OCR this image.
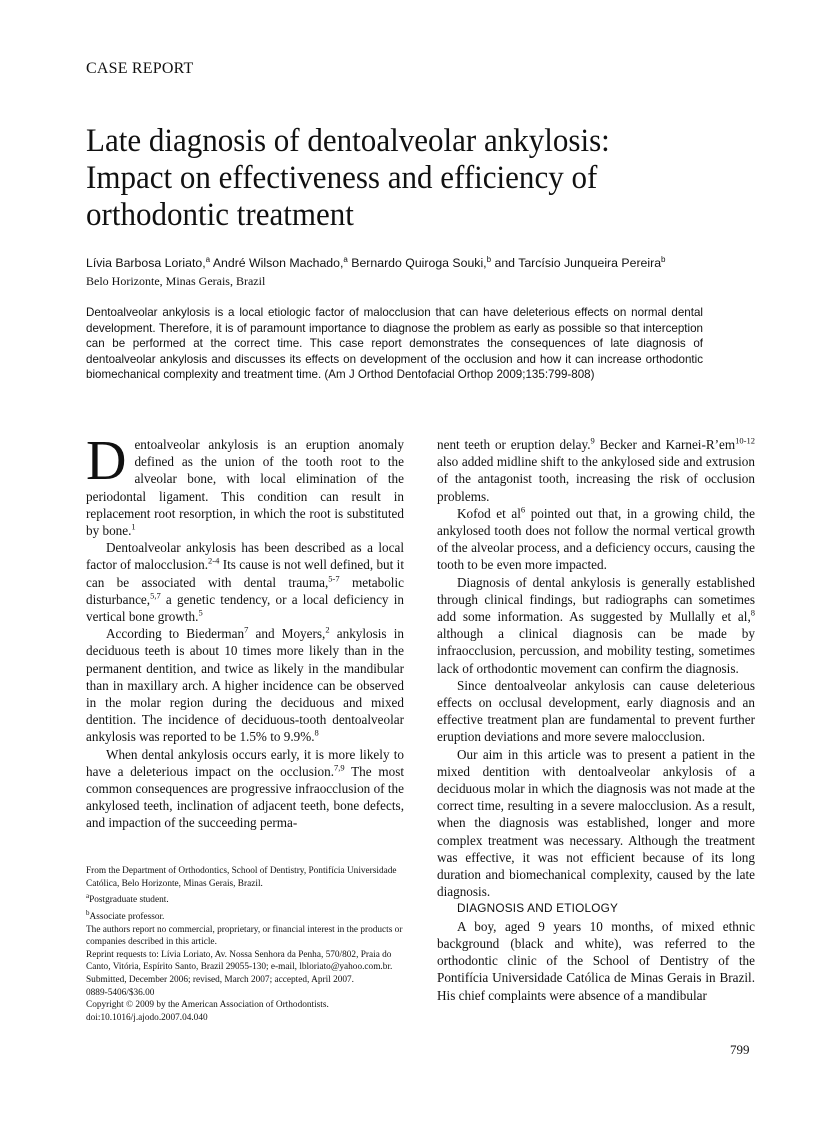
CASE REPORT
Late diagnosis of dentoalveolar ankylosis:
Impact on effectiveness and efficiency of
orthodontic treatment
Lívia Barbosa Loriato,$^a$ André Wilson Machado,$^a$ Bernardo Quiroga Souki,$^b$ and Tarcísio Junqueira Pereira$^b$
Belo Horizonte, Minas Gerais, Brazil
Dentoalveolar ankylosis is a local etiologic factor of malocclusion that can have deleterious effects on normal dental development. Therefore, it is of paramount importance to diagnose the problem as early as possible so that interception can be performed at the correct time. This case report demonstrates the consequences of late diagnosis of dentoalveolar ankylosis and discusses its effects on development of the occlusion and how it can increase orthodontic biomechanical complexity and treatment time. (Am J Orthod Dentofacial Orthop 2009;135:799-808)

Dentoalveolar ankylosis is an eruption anomaly defined as the union of the tooth root to the alveolar bone, with local elimination of the periodontal ligament. This condition can result in replacement root resorption, in which the root is substituted by bone.$^1$

Dentoalveolar ankylosis has been described as a local factor of malocclusion.$^{2-4}$ Its cause is not well defined, but it can be associated with dental trauma,$^{5-7}$ metabolic disturbance,$^{5,7}$ a genetic tendency, or a local deficiency in vertical bone growth.$^5$

According to Biederman$^7$ and Moyers,$^2$ ankylosis in deciduous teeth is about 10 times more likely than in the permanent dentition, and twice as likely in the mandibular than in maxillary arch. A higher incidence can be observed in the molar region during the deciduous and mixed dentition. The incidence of deciduous-tooth dentoalveolar ankylosis was reported to be 1.5% to 9.9%.$^8$

When dental ankylosis occurs early, it is more likely to have a deleterious impact on the occlusion.$^{7,9}$ The most common consequences are progressive infraocclusion of the ankylosed teeth, inclination of adjacent teeth, bone defects, and impaction of the succeeding perma-

nent teeth or eruption delay.$^9$ Becker and Karnei-$R’em^{10-12}$ also added midline shift to the ankylosed side and extrusion of the antagonist tooth, increasing the risk of occlusion problems.

Kofod et $al^6$ pointed out that, in a growing child, the ankylosed tooth does not follow the normal vertical growth of the alveolar process, and a deficiency occurs, causing the tooth to be even more impacted.

Diagnosis of dental ankylosis is generally established through clinical findings, but radiographs can sometimes add some information. As suggested by Mullally et al,$^8$ although a clinical diagnosis can be made by infraocclusion, percussion, and mobility testing, sometimes lack of orthodontic movement can confirm the diagnosis.

Since dentoalveolar ankylosis can cause deleterious effects on occlusal development, early diagnosis and an effective treatment plan are fundamental to prevent further eruption deviations and more severe malocclusion.

Our aim in this article was to present a patient in the mixed dentition with dentoalveolar ankylosis of a deciduous molar in which the diagnosis was not made at the correct time, resulting in a severe malocclusion. As a result, when the diagnosis was established, longer and more complex treatment was necessary. Although the treatment was effective, it was not efficient because of its long duration and biomechanical complexity, caused by the late diagnosis.

DIAGNOSIS AND ETIOLOGY

A boy, aged 9 years 10 months, of mixed ethnic background (black and white), was referred to the orthodontic clinic of the School of Dentistry of the Pontifícia Universidade Católica de Minas Gerais in Brazil. His chief complaints were absence of a mandibular

From the Department of Orthodontics, School of Dentistry, Pontifícia Universidade Católica, Belo Horizonte, Minas Gerais, Brazil.
$^a$Postgraduate student.
$^b$Associate professor.
The authors report no commercial, proprietary, or financial interest in the products or companies described in this article.
Reprint requests to: Lívia Loriato, Av. Nossa Senhora da Penha, 570/802, Praia do Canto, Vitória, Espírito Santo, Brazil 29055-130; e-mail, lbloriato@yahoo.com.br.
Submitted, December 2006; revised, March 2007; accepted, April 2007.
0889-5406/$36.00
Copyright © 2009 by the American Association of Orthodontists.
doi:10.1016/j.ajodo.2007.04.040
799
